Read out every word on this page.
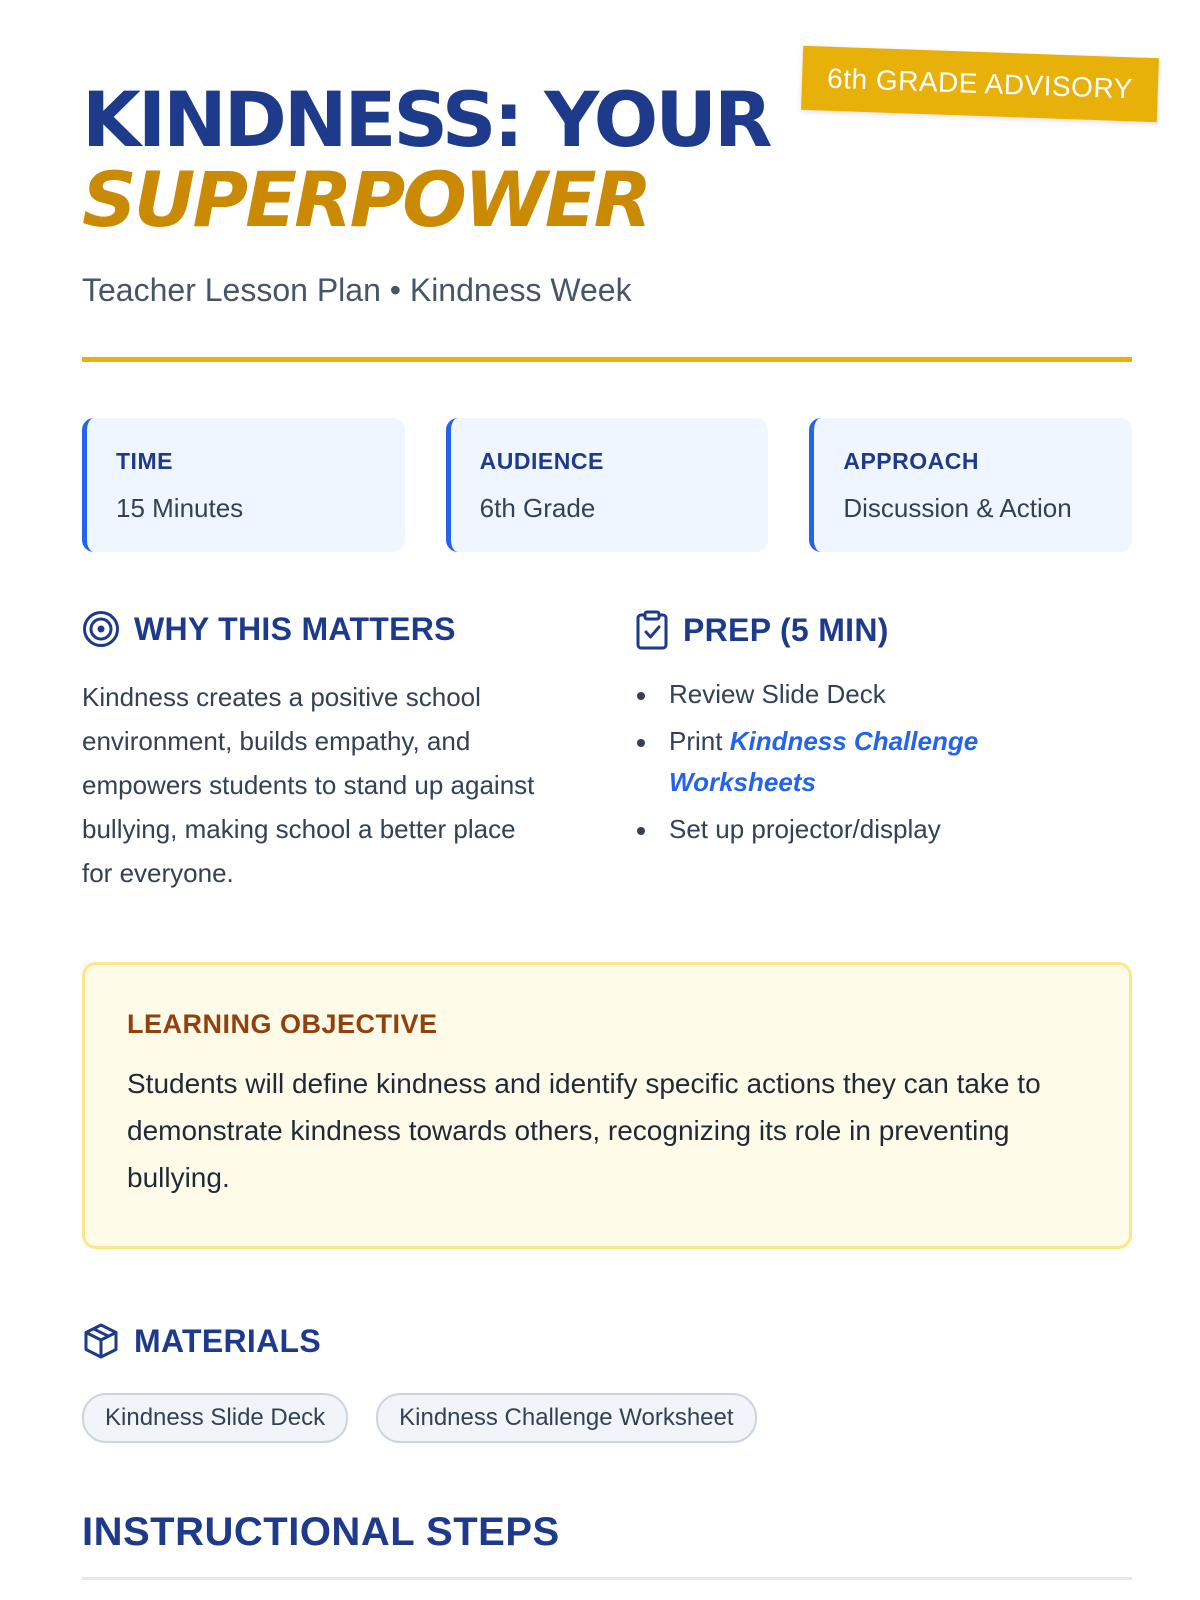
6th GRADE ADVISORY
KINDNESS: YOUR
SUPERPOWER
Teacher Lesson Plan • Kindness Week
TIME
15 Minutes
AUDIENCE
6th Grade
APPROACH
Discussion & Action
WHY THIS MATTERS
Kindness creates a positive school environment, builds empathy, and empowers students to stand up against bullying, making school a better place for everyone.
PREP (5 MIN)
Review Slide Deck
Print Kindness Challenge Worksheets
Set up projector/display
LEARNING OBJECTIVE
Students will define kindness and identify specific actions they can take to demonstrate kindness towards others, recognizing its role in preventing bullying.
MATERIALS
Kindness Slide Deck	Kindness Challenge Worksheet
INSTRUCTIONAL STEPS
